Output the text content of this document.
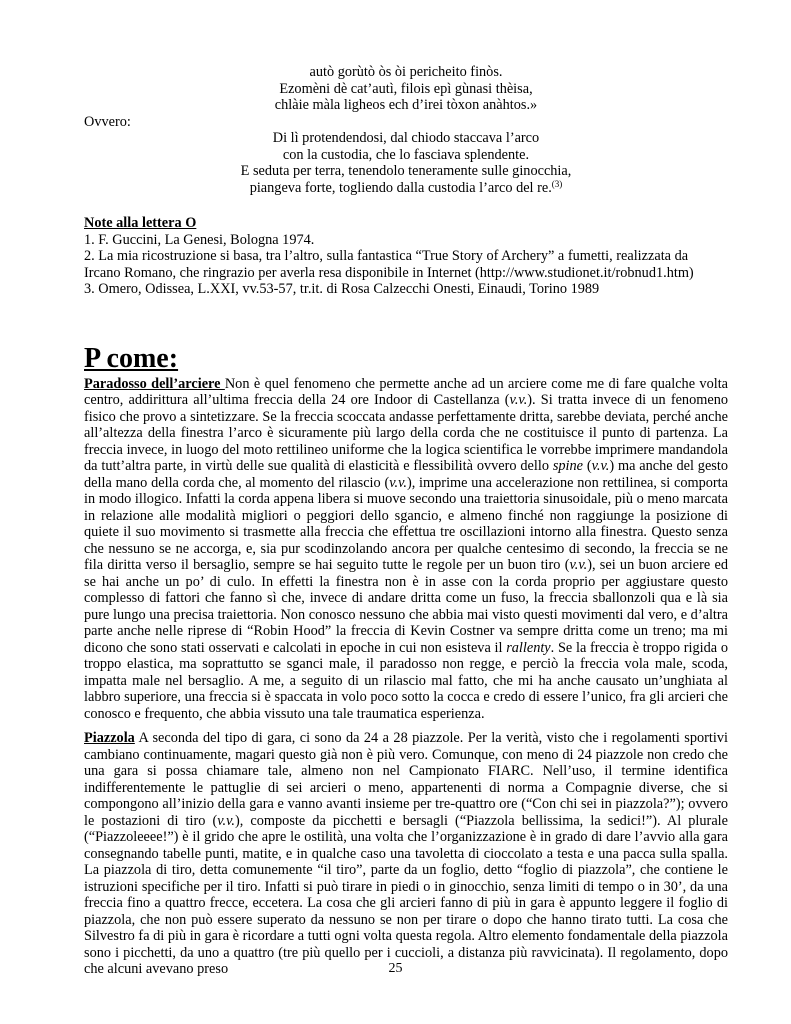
autò gorùtò òs òi pericheito finòs.
Ezomèni dè cat’autì, filois epì gùnasi thèisa,
chlàie màla ligheos ech d’irei tòxon anàhtos.»
Ovvero:
Di lì protendendosi, dal chiodo staccava l’arco
con la custodia, che lo fasciava splendente.
E seduta per terra, tenendolo teneramente sulle ginocchia,
piangeva forte, togliendo dalla custodia l’arco del re.$^{(3)}$
Note alla lettera O
1. F. Guccini, La Genesi, Bologna 1974.
2. La mia ricostruzione si basa, tra l’altro, sulla fantastica “True Story of Archery” a fumetti, realizzata da Ircano Romano, che ringrazio per averla resa disponibile in Internet (http://www.studionet.it/robnud1.htm)
3. Omero, Odissea, L.XXI, vv.53-57, tr.it. di Rosa Calzecchi Onesti, Einaudi, Torino 1989
P come:

Paradosso dell’arciere Non è quel fenomeno che permette anche ad un arciere come me di fare qualche volta centro, addirittura all’ultima freccia della 24 ore Indoor di Castellanza (v.v.). Si tratta invece di un fenomeno fisico che provo a sintetizzare. Se la freccia scoccata andasse perfettamente dritta, sarebbe deviata, perché anche all’altezza della finestra l’arco è sicuramente più largo della corda che ne costituisce il punto di partenza. La freccia invece, in luogo del moto rettilineo uniforme che la logica scientifica le vorrebbe imprimere mandandola da tutt’altra parte, in virtù delle sue qualità di elasticità e flessibilità ovvero dello spine (v.v.) ma anche del gesto della mano della corda che, al momento del rilascio (v.v.), imprime una accelerazione non rettilinea, si comporta in modo illogico. Infatti la corda appena libera si muove secondo una traiettoria sinusoidale, più o meno marcata in relazione alle modalità migliori o peggiori dello sgancio, e almeno finché non raggiunge la posizione di quiete il suo movimento si trasmette alla freccia che effettua tre oscillazioni intorno alla finestra. Questo senza che nessuno se ne accorga, e, sia pur scodinzolando ancora per qualche centesimo di secondo, la freccia se ne fila diritta verso il bersaglio, sempre se hai seguito tutte le regole per un buon tiro (v.v.), sei un buon arciere ed se hai anche un po’ di culo. In effetti la finestra non è in asse con la corda proprio per aggiustare questo complesso di fattori che fanno sì che, invece di andare dritta come un fuso, la freccia sballonzoli qua e là sia pure lungo una precisa traiettoria. Non conosco nessuno che abbia mai visto questi movimenti dal vero, e d’altra parte anche nelle riprese di “Robin Hood” la freccia di Kevin Costner va sempre dritta come un treno; ma mi dicono che sono stati osservati e calcolati in epoche in cui non esisteva il rallenty. Se la freccia è troppo rigida o troppo elastica, ma soprattutto se sganci male, il paradosso non regge, e perciò la freccia vola male, scoda, impatta male nel bersaglio. A me, a seguito di un rilascio mal fatto, che mi ha anche causato un’unghiata al labbro superiore, una freccia si è spaccata in volo poco sotto la cocca e credo di essere l’unico, fra gli arcieri che conosco e frequento, che abbia vissuto una tale traumatica esperienza.

Piazzola A seconda del tipo di gara, ci sono da 24 a 28 piazzole. Per la verità, visto che i regolamenti sportivi cambiano continuamente, magari questo già non è più vero. Comunque, con meno di 24 piazzole non credo che una gara si possa chiamare tale, almeno non nel Campionato FIARC. Nell’uso, il termine identifica indifferentemente le pattuglie di sei arcieri o meno, appartenenti di norma a Compagnie diverse, che si compongono all’inizio della gara e vanno avanti insieme per tre-quattro ore (“Con chi sei in piazzola?”); ovvero le postazioni di tiro (v.v.), composte da picchetti e bersagli (“Piazzola bellissima, la sedici!”). Al plurale (“Piazzoleeee!”) è il grido che apre le ostilità, una volta che l’organizzazione è in grado di dare l’avvio alla gara consegnando tabelle punti, matite, e in qualche caso una tavoletta di cioccolato a testa e una pacca sulla spalla. La piazzola di tiro, detta comunemente “il tiro”, parte da un foglio, detto “foglio di piazzola”, che contiene le istruzioni specifiche per il tiro. Infatti si può tirare in piedi o in ginocchio, senza limiti di tempo o in 30’, da una freccia fino a quattro frecce, eccetera. La cosa che gli arcieri fanno di più in gara è appunto leggere il foglio di piazzola, che non può essere superato da nessuno se non per tirare o dopo che hanno tirato tutti. La cosa che Silvestro fa di più in gara è ricordare a tutti ogni volta questa regola. Altro elemento fondamentale della piazzola sono i picchetti, da uno a quattro (tre più quello per i cuccioli, a distanza più ravvicinata). Il regolamento, dopo che alcuni avevano preso	25
